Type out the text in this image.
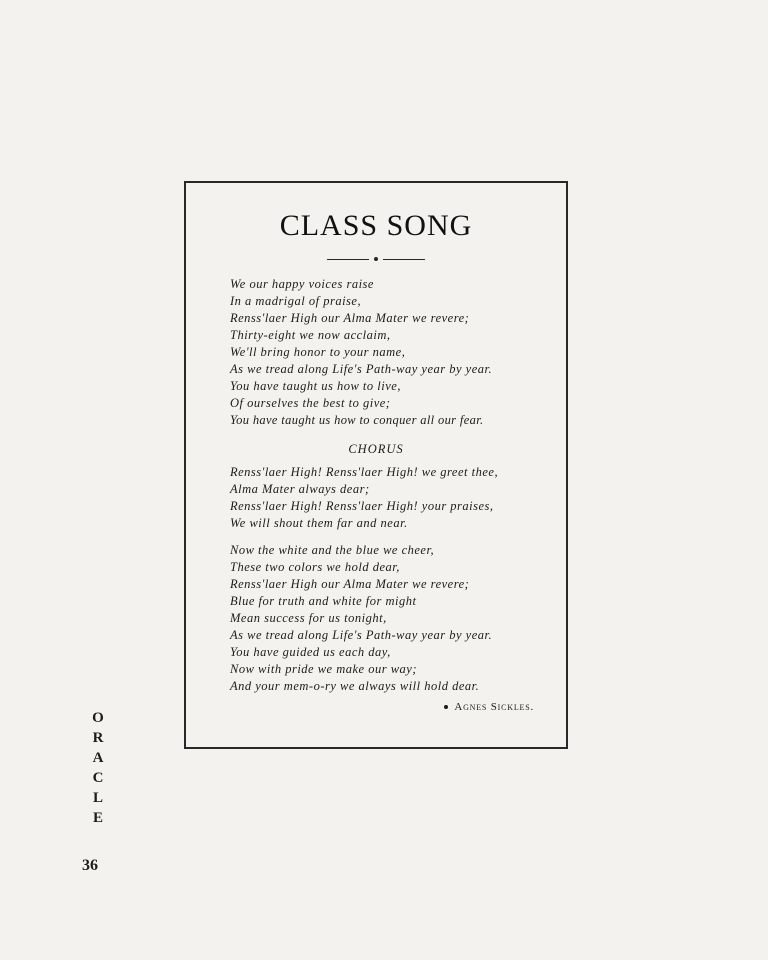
CLASS SONG
We our happy voices raise
In a madrigal of praise,
Renss'laer High our Alma Mater we revere;
Thirty-eight we now acclaim,
We'll bring honor to your name,
As we tread along Life's Path-way year by year.
You have taught us how to live,
Of ourselves the best to give;
You have taught us how to conquer all our fear.
CHORUS
Renss'laer High! Renss'laer High! we greet thee,
Alma Mater always dear;
Renss'laer High! Renss'laer High! your praises,
We will shout them far and near.
Now the white and the blue we cheer,
These two colors we hold dear,
Renss'laer High our Alma Mater we revere;
Blue for truth and white for might
Mean success for us tonight,
As we tread along Life's Path-way year by year.
You have guided us each day,
Now with pride we make our way;
And your mem-o-ry we always will hold dear.
Agnes Sickles.
O
R
A
C
L
E
36
